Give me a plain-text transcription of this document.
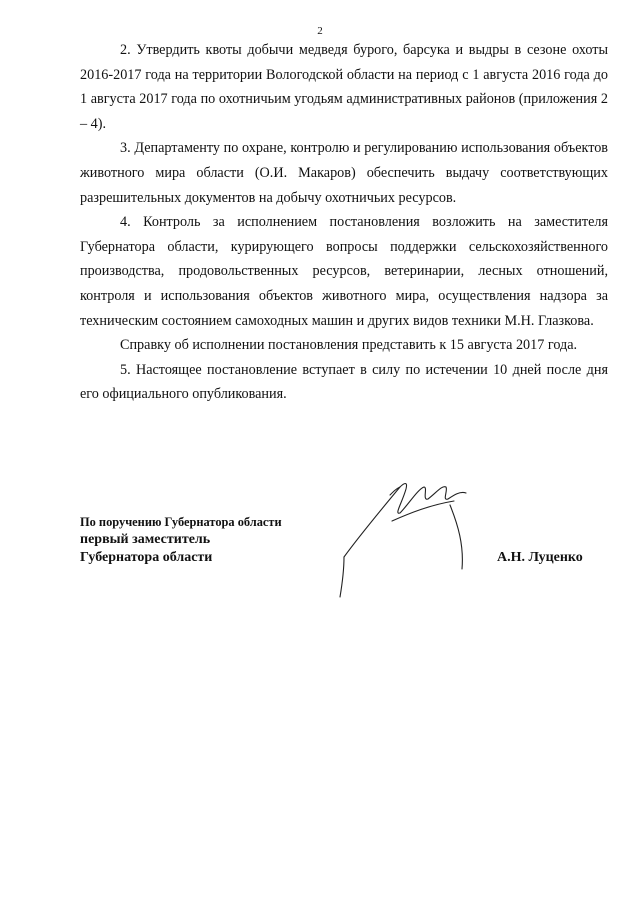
2

2. Утвердить квоты добычи медведя бурого, барсука и выдры в сезоне охоты 2016-2017 года на территории Вологодской области на период с 1 августа 2016 года до 1 августа 2017 года по охотничьим угодьям административных районов (приложения 2 – 4).

3. Департаменту по охране, контролю и регулированию использования объектов животного мира области (О.И. Макаров) обеспечить выдачу соответствующих разрешительных документов на добычу охотничьих ресурсов.

4. Контроль за исполнением постановления возложить на заместителя Губернатора области, курирующего вопросы поддержки сельскохозяйственного производства, продовольственных ресурсов, ветеринарии, лесных отношений, контроля и использования объектов животного мира, осуществления надзора за техническим состоянием самоходных машин и других видов техники М.Н. Глазкова.

Справку об исполнении постановления представить к 15 августа 2017 года.

5. Настоящее постановление вступает в силу по истечении 10 дней после дня его официального опубликования.

По поручению Губернатора области
первый заместитель
Губернатора области	А.Н. Луценко
